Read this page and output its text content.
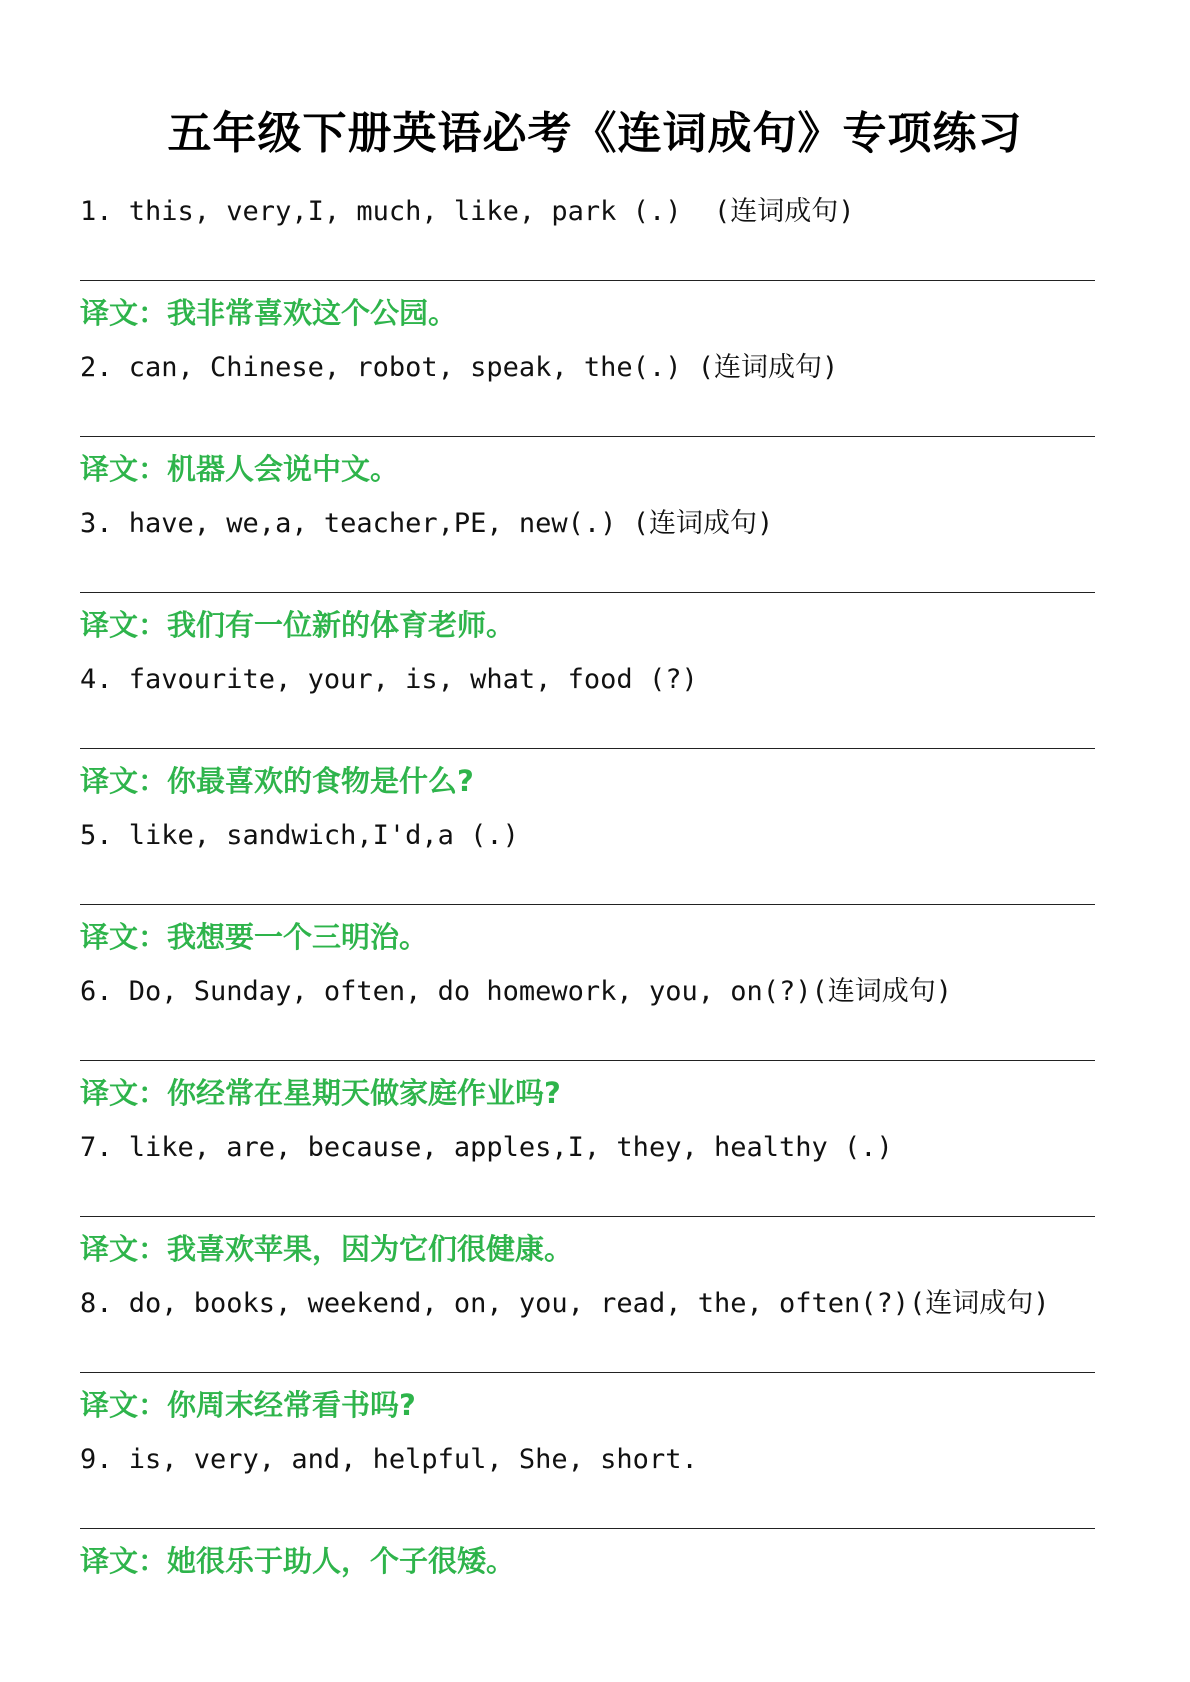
五年级下册英语必考《连词成句》专项练习
1. this, very,I, much, like, park (.)  (连词成句)
译文：我非常喜欢这个公园。
2. can, Chinese, robot, speak, the(.) (连词成句)
译文：机器人会说中文。
3. have, we,a, teacher,PE, new(.) (连词成句)
译文：我们有一位新的体育老师。
4. favourite, your, is, what, food (?)
译文：你最喜欢的食物是什么?
5. like, sandwich,I'd,a (.)
译文：我想要一个三明治。
6. Do, Sunday, often, do homework, you, on(?)(连词成句)
译文：你经常在星期天做家庭作业吗?
7. like, are, because, apples,I, they, healthy (.)
译文：我喜欢苹果，因为它们很健康。
8. do, books, weekend, on, you, read, the, often(?)(连词成句)
译文：你周末经常看书吗?
9. is, very, and, helpful, She, short.
译文：她很乐于助人，个子很矮。
